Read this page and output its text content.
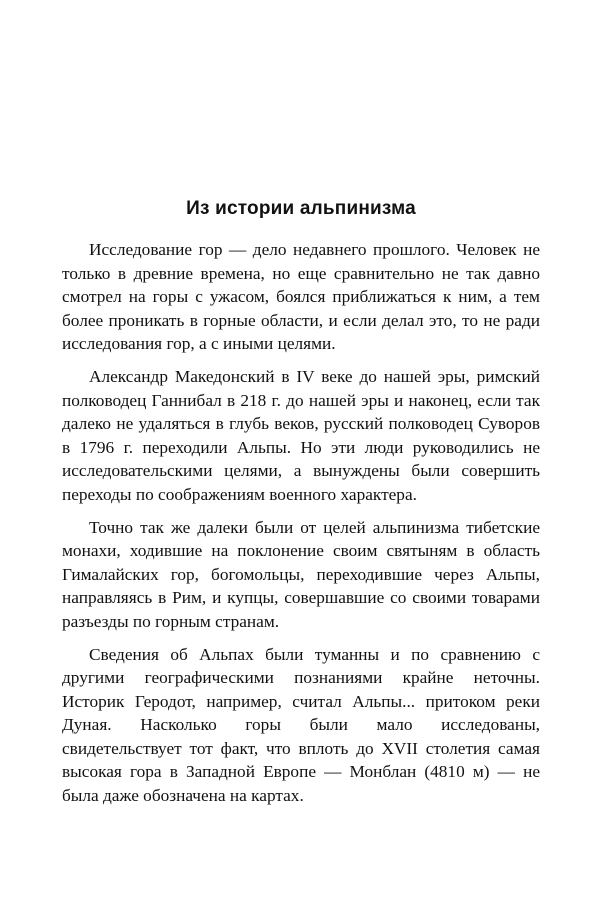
Из истории альпинизма

Исследование гор — дело недавнего прошлого. Человек не только в древние времена, но еще сравнительно не так давно смотрел на горы с ужасом, боялся приближаться к ним, а тем более проникать в горные области, и если делал это, то не ради исследования гор, а с иными целями.

Александр Македонский в IV веке до нашей эры, римский полководец Ганнибал в 218 г. до нашей эры и наконец, если так далеко не удаляться в глубь веков, русский полководец Суворов в 1796 г. переходили Альпы. Но эти люди руководились не исследовательскими целями, а вынуждены были совершить переходы по соображениям военного характера.

Точно так же далеки были от целей альпинизма тибетские монахи, ходившие на поклонение своим святыням в область Гималайских гор, богомольцы, переходившие через Альпы, направляясь в Рим, и купцы, совершавшие со своими товарами разъезды по горным странам.

Сведения об Альпах были туманны и по сравнению с другими географическими познаниями крайне неточны. Историк Геродот, например, считал Альпы... притоком реки Дуная. Насколько горы были мало исследованы, свидетельствует тот факт, что вплоть до XVII столетия самая высокая гора в Западной Европе — Монблан (4810 м) — не была даже обозначена на картах.
